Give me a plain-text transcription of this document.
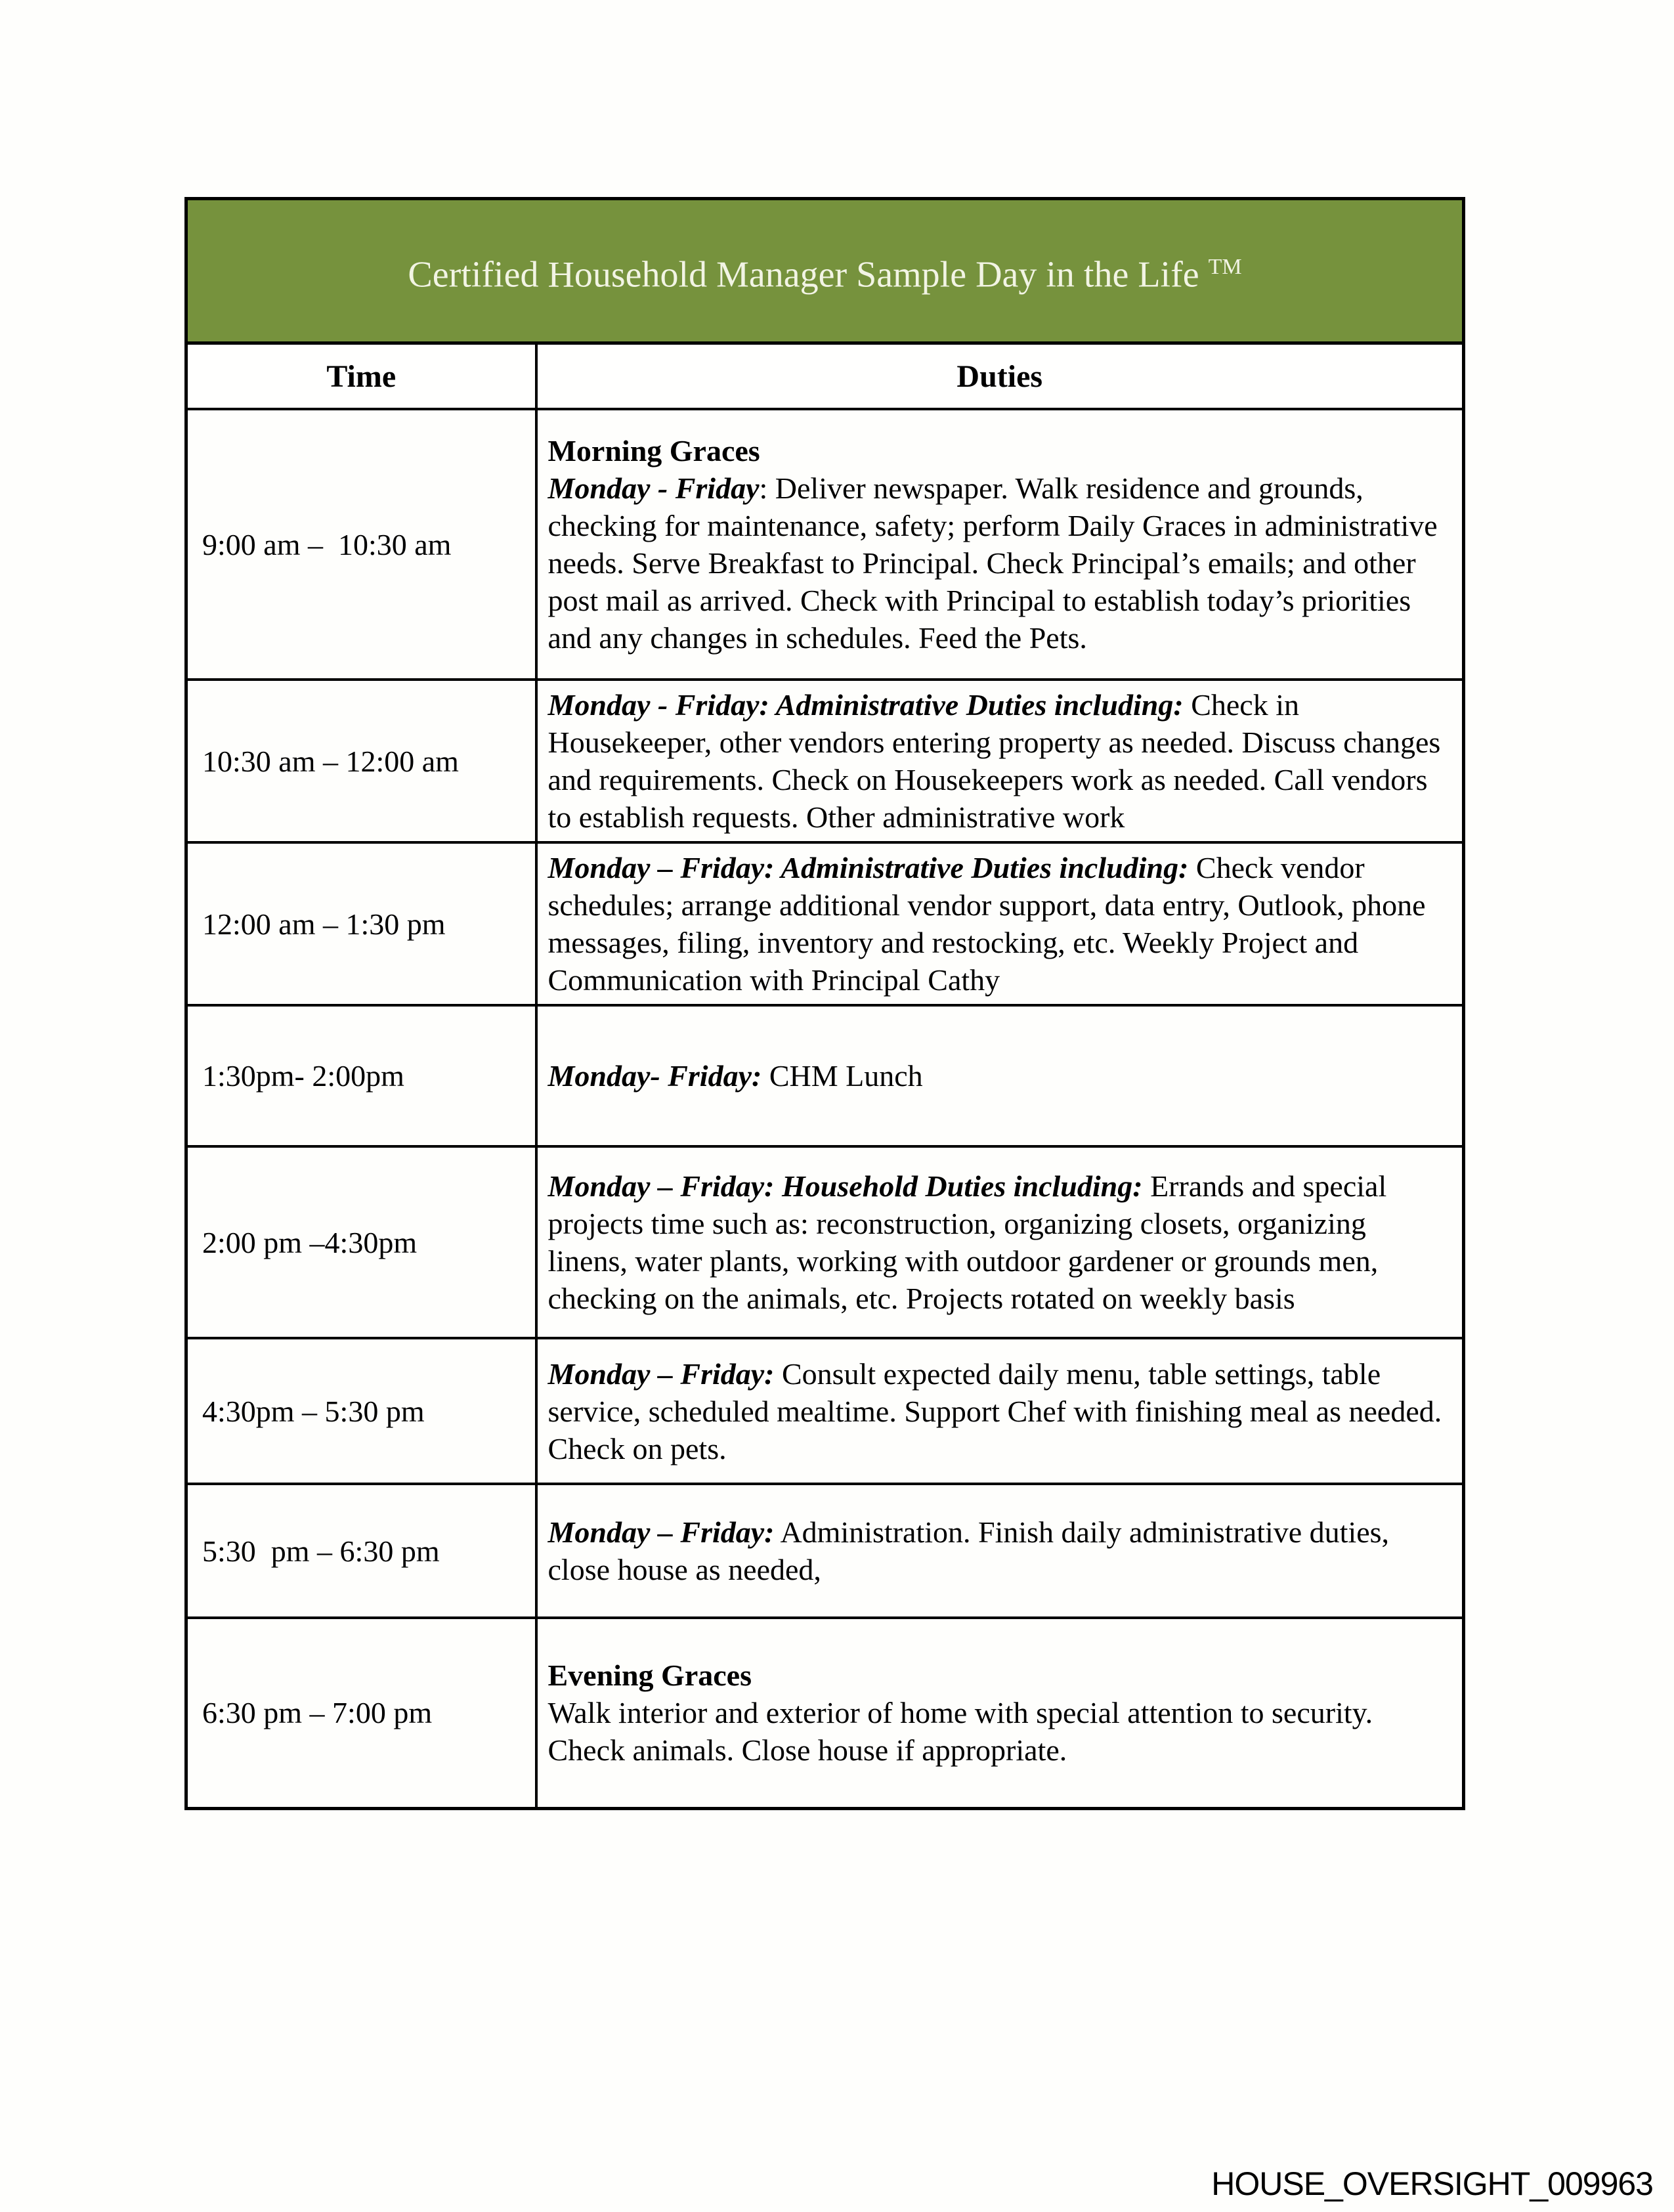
Certified Household Manager Sample Day in the Life ™
Time	Duties
9:00 am –  10:30 am	Morning Graces
Monday - Friday: Deliver newspaper. Walk residence and grounds, checking for maintenance, safety; perform Daily Graces in administrative needs. Serve Breakfast to Principal. Check Principal’s emails; and other post mail as arrived. Check with Principal to establish today’s priorities and any changes in schedules. Feed the Pets.

10:30 am – 12:00 am	Monday - Friday: Administrative Duties including: Check in Housekeeper, other vendors entering property as needed. Discuss changes and requirements. Check on Housekeepers work as needed. Call vendors to establish requests. Other administrative work

12:00 am – 1:30 pm	Monday – Friday: Administrative Duties including: Check vendor schedules; arrange additional vendor support, data entry, Outlook, phone messages, filing, inventory and restocking, etc. Weekly Project and Communication with Principal Cathy

1:30pm- 2:00pm	Monday- Friday: CHM Lunch

2:00 pm –4:30pm	Monday – Friday: Household Duties including: Errands and special projects time such as: reconstruction, organizing closets, organizing linens, water plants, working with outdoor gardener or grounds men, checking on the animals, etc. Projects rotated on weekly basis

4:30pm – 5:30 pm	Monday – Friday: Consult expected daily menu, table settings, table service, scheduled mealtime. Support Chef with finishing meal as needed. Check on pets.

5:30  pm – 6:30 pm	Monday – Friday: Administration. Finish daily administrative duties, close house as needed,

6:30 pm – 7:00 pm	Evening Graces
Walk interior and exterior of home with special attention to security. Check animals. Close house if appropriate.
HOUSE_OVERSIGHT_009963
